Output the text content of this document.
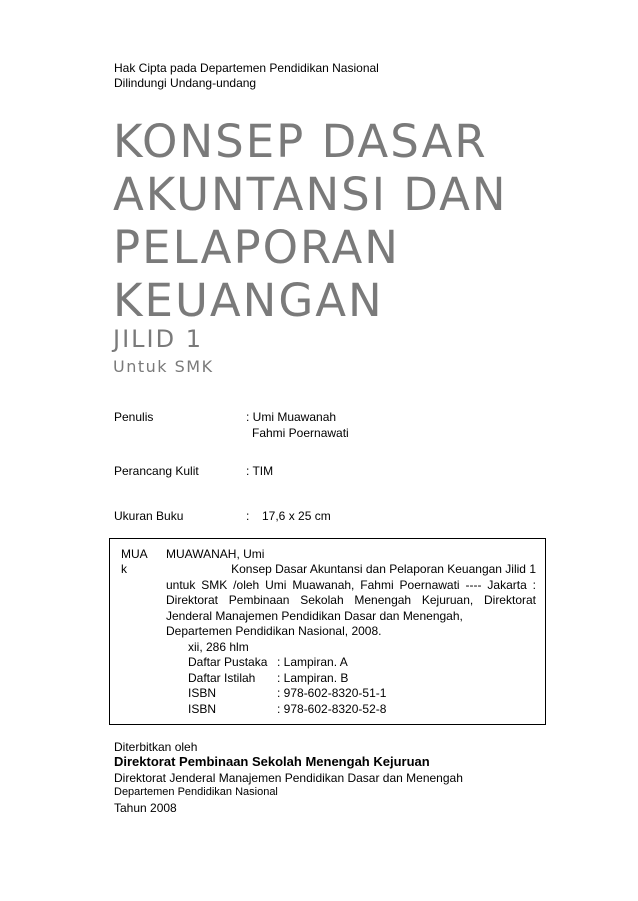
Hak Cipta pada Departemen Pendidikan Nasional
Dilindungi Undang-undang
KONSEP DASAR
AKUNTANSI DAN
PELAPORAN
KEUANGAN
JILID 1
Untuk SMK
Penulis	: Umi Muawanah
Fahmi Poernawati
Perancang Kulit	: TIM
Ukuran Buku	: 17,6 x 25 cm
MUA
k
MUAWANAH, Umi
Konsep Dasar Akuntansi dan Pelaporan Keuangan Jilid 1
untuk SMK /oleh Umi Muawanah, Fahmi Poernawati ---- Jakarta : Direktorat Pembinaan Sekolah Menengah Kejuruan, Direktorat Jenderal Manajemen Pendidikan Dasar dan Menengah,
Departemen Pendidikan Nasional, 2008.
xii, 286 hlm
Daftar Pustaka : Lampiran. A
Daftar Istilah : Lampiran. B
ISBN	: 978-602-8320-51-1
ISBN	: 978-602-8320-52-8
Diterbitkan oleh
Direktorat Pembinaan Sekolah Menengah Kejuruan
Direktorat Jenderal Manajemen Pendidikan Dasar dan Menengah
Departemen Pendidikan Nasional
Tahun 2008
